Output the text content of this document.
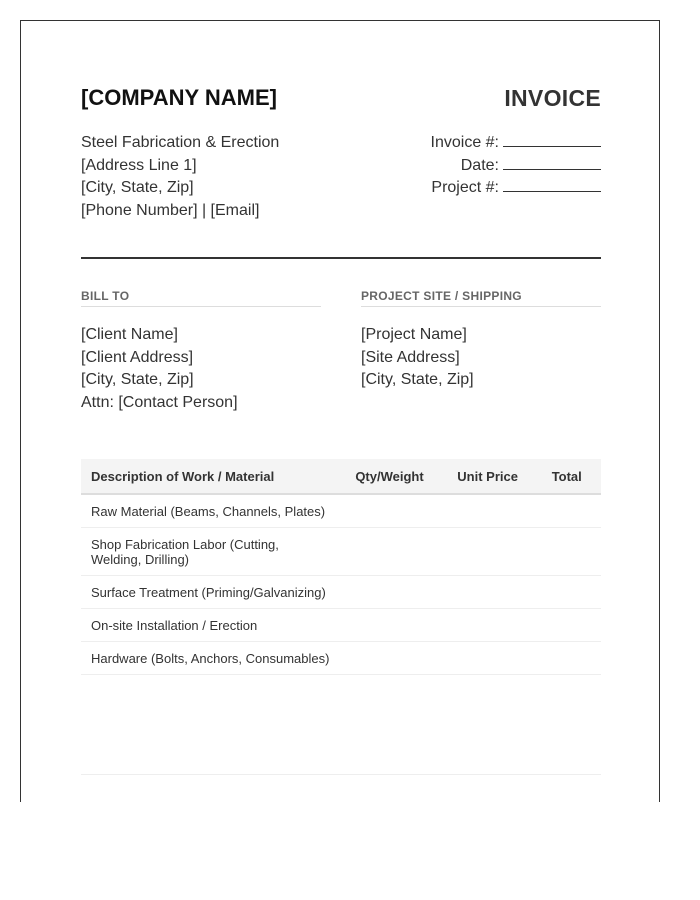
[COMPANY NAME]	INVOICE
Steel Fabrication & Erection
[Address Line 1]
[City, State, Zip]
[Phone Number] | [Email]
Invoice #:
Date:
Project #:
BILL TO
[Client Name]
[Client Address]
[City, State, Zip]
Attn: [Contact Person]
PROJECT SITE / SHIPPING
[Project Name]
[Site Address]
[City, State, Zip]
Description of Work / Material	Qty/Weight	Unit Price	Total
Raw Material (Beams, Channels, Plates)			
Shop Fabrication Labor (Cutting, Welding, Drilling)			
Surface Treatment (Priming/Galvanizing)			
On-site Installation / Erection			
Hardware (Bolts, Anchors, Consumables)			
